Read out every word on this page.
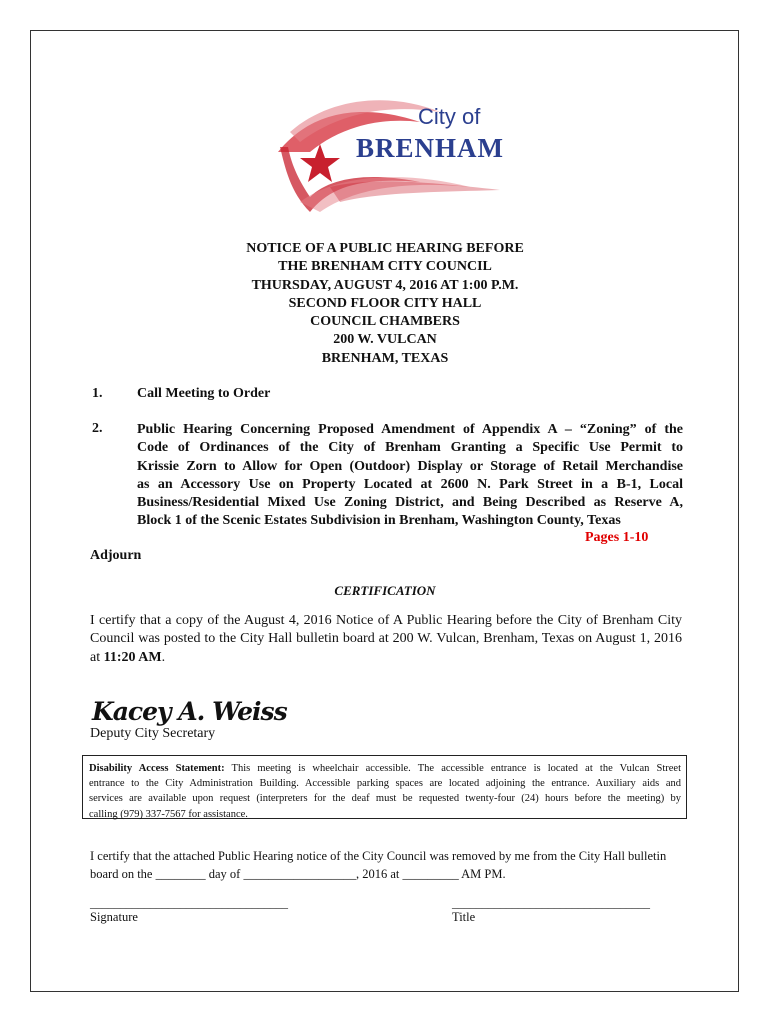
City of
BRENHAM
NOTICE OF A PUBLIC HEARING BEFORE
THE BRENHAM CITY COUNCIL
THURSDAY, AUGUST 4, 2016 AT 1:00 P.M.
SECOND FLOOR CITY HALL
COUNCIL CHAMBERS
200 W. VULCAN
BRENHAM, TEXAS
1. Call Meeting to Order
2. Public Hearing Concerning Proposed Amendment of Appendix A – “Zoning” of the
Code of Ordinances of the City of Brenham Granting a Specific Use Permit to
Krissie Zorn to Allow for Open (Outdoor) Display or Storage of Retail Merchandise
as an Accessory Use on Property Located at 2600 N. Park Street in a B-1, Local
Business/Residential Mixed Use Zoning District, and Being Described as Reserve A,
Block 1 of the Scenic Estates Subdivision in Brenham, Washington County, Texas
Pages 1-10
Adjourn
CERTIFICATION
I certify that a copy of the August 4, 2016 Notice of A Public Hearing before the City of Brenham City
Council was posted to the City Hall bulletin board at 200 W. Vulcan, Brenham, Texas on August 1, 2016
at 11:20 AM.
Kacey A. Weiss
Deputy City Secretary
Disability Access Statement: This meeting is wheelchair accessible. The accessible entrance is located at the Vulcan Street
entrance to the City Administration Building. Accessible parking spaces are located adjoining the entrance. Auxiliary aids and
services are available upon request (interpreters for the deaf must be requested twenty-four (24) hours before the meeting) by
calling (979) 337-7567 for assistance.
I certify that the attached Public Hearing notice of the City Council was removed by me from the City Hall bulletin
board on the ________ day of __________________, 2016 at _________ AM PM.
_________________________________
Signature
_________________________________
Title
